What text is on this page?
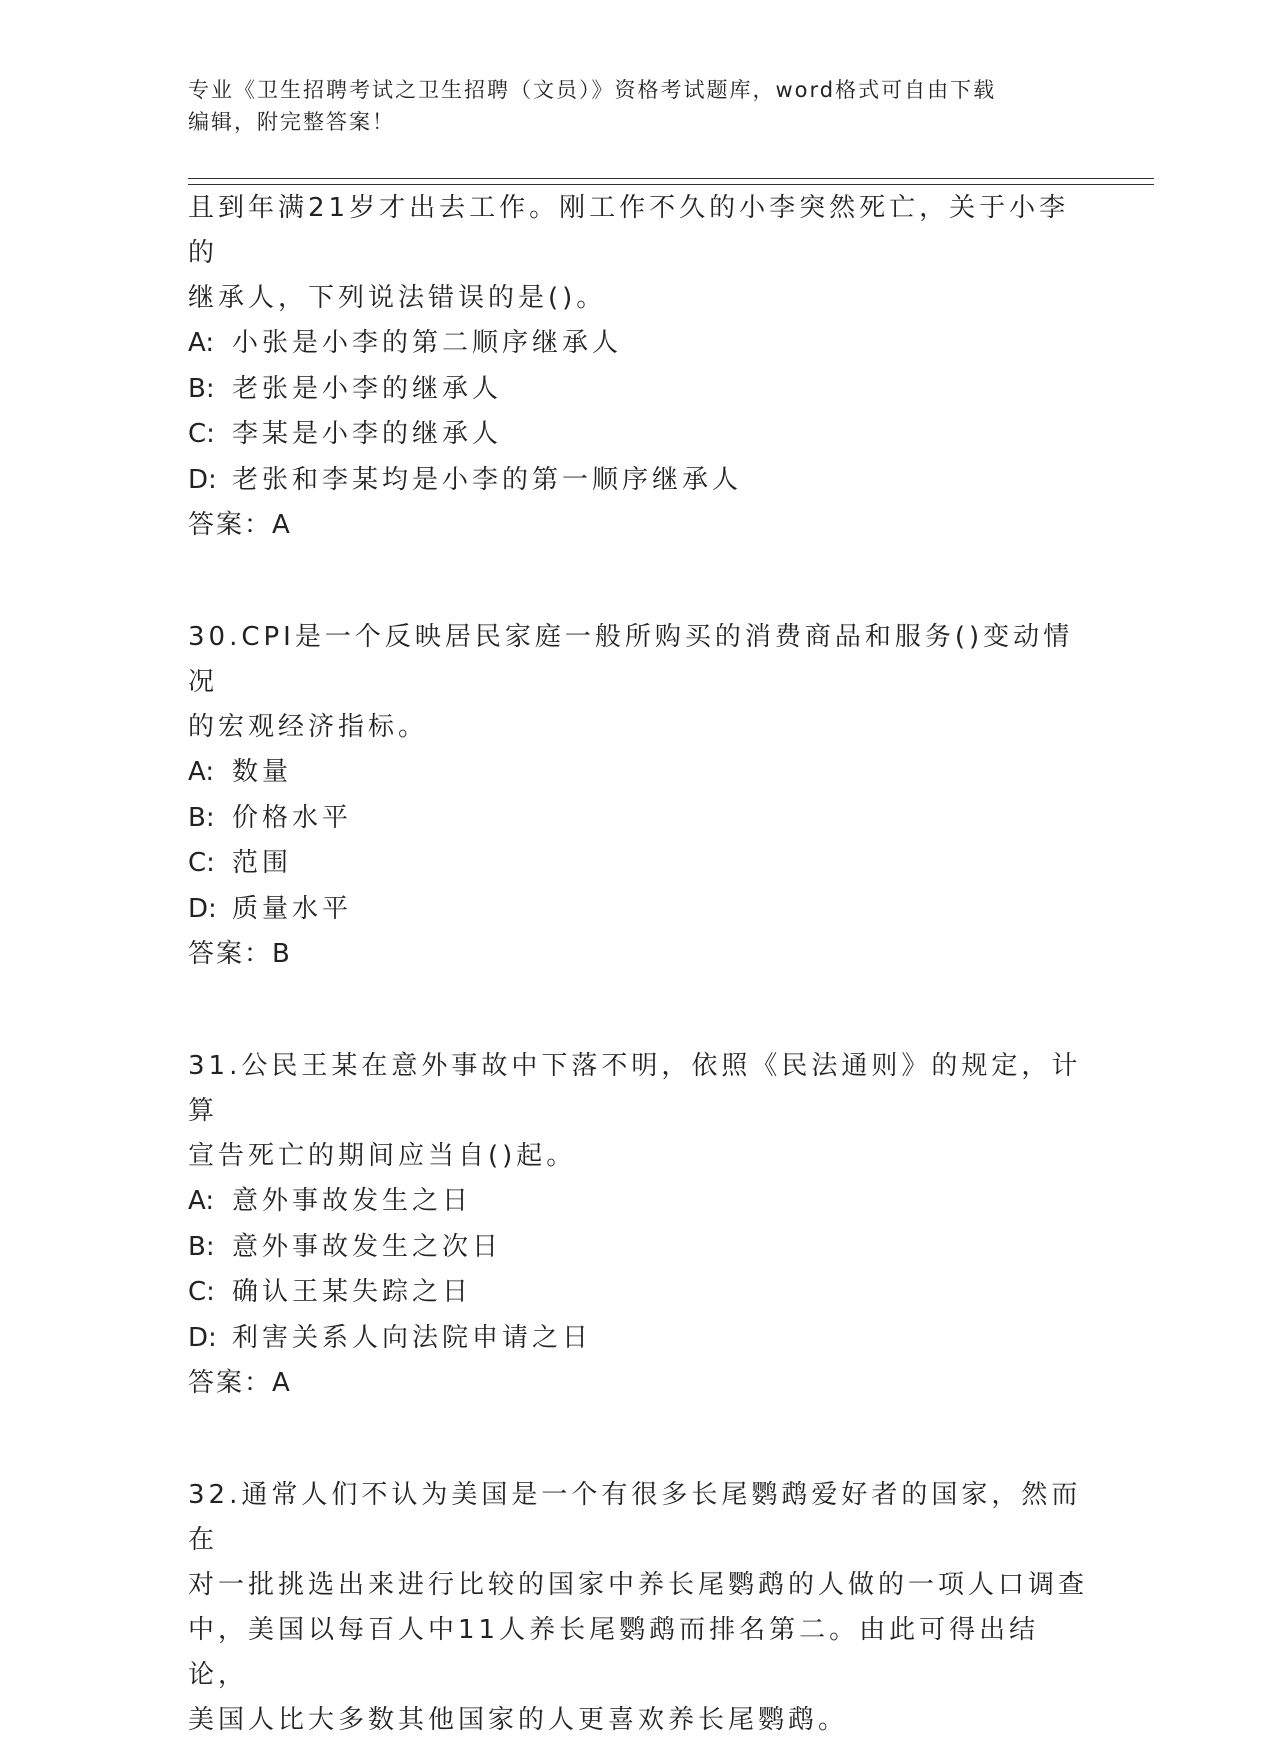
专业《卫生招聘考试之卫生招聘（文员）》资格考试题库，word格式可自由下载
编辑，附完整答案！

且到年满21岁才出去工作。刚工作不久的小李突然死亡，关于小李的

继承人，下列说法错误的是()。

A: 小张是小李的第二顺序继承人

B: 老张是小李的继承人

C: 李某是小李的继承人

D: 老张和李某均是小李的第一顺序继承人

答案：A

30.CPI是一个反映居民家庭一般所购买的消费商品和服务()变动情况

的宏观经济指标。

A: 数量

B: 价格水平

C: 范围

D: 质量水平

答案：B

31.公民王某在意外事故中下落不明，依照《民法通则》的规定，计算

宣告死亡的期间应当自()起。

A: 意外事故发生之日

B: 意外事故发生之次日

C: 确认王某失踪之日

D: 利害关系人向法院申请之日

答案：A

32.通常人们不认为美国是一个有很多长尾鹦鹉爱好者的国家，然而在

对一批挑选出来进行比较的国家中养长尾鹦鹉的人做的一项人口调查

中，美国以每百人中11人养长尾鹦鹉而排名第二。由此可得出结论，

美国人比大多数其他国家的人更喜欢养长尾鹦鹉。
